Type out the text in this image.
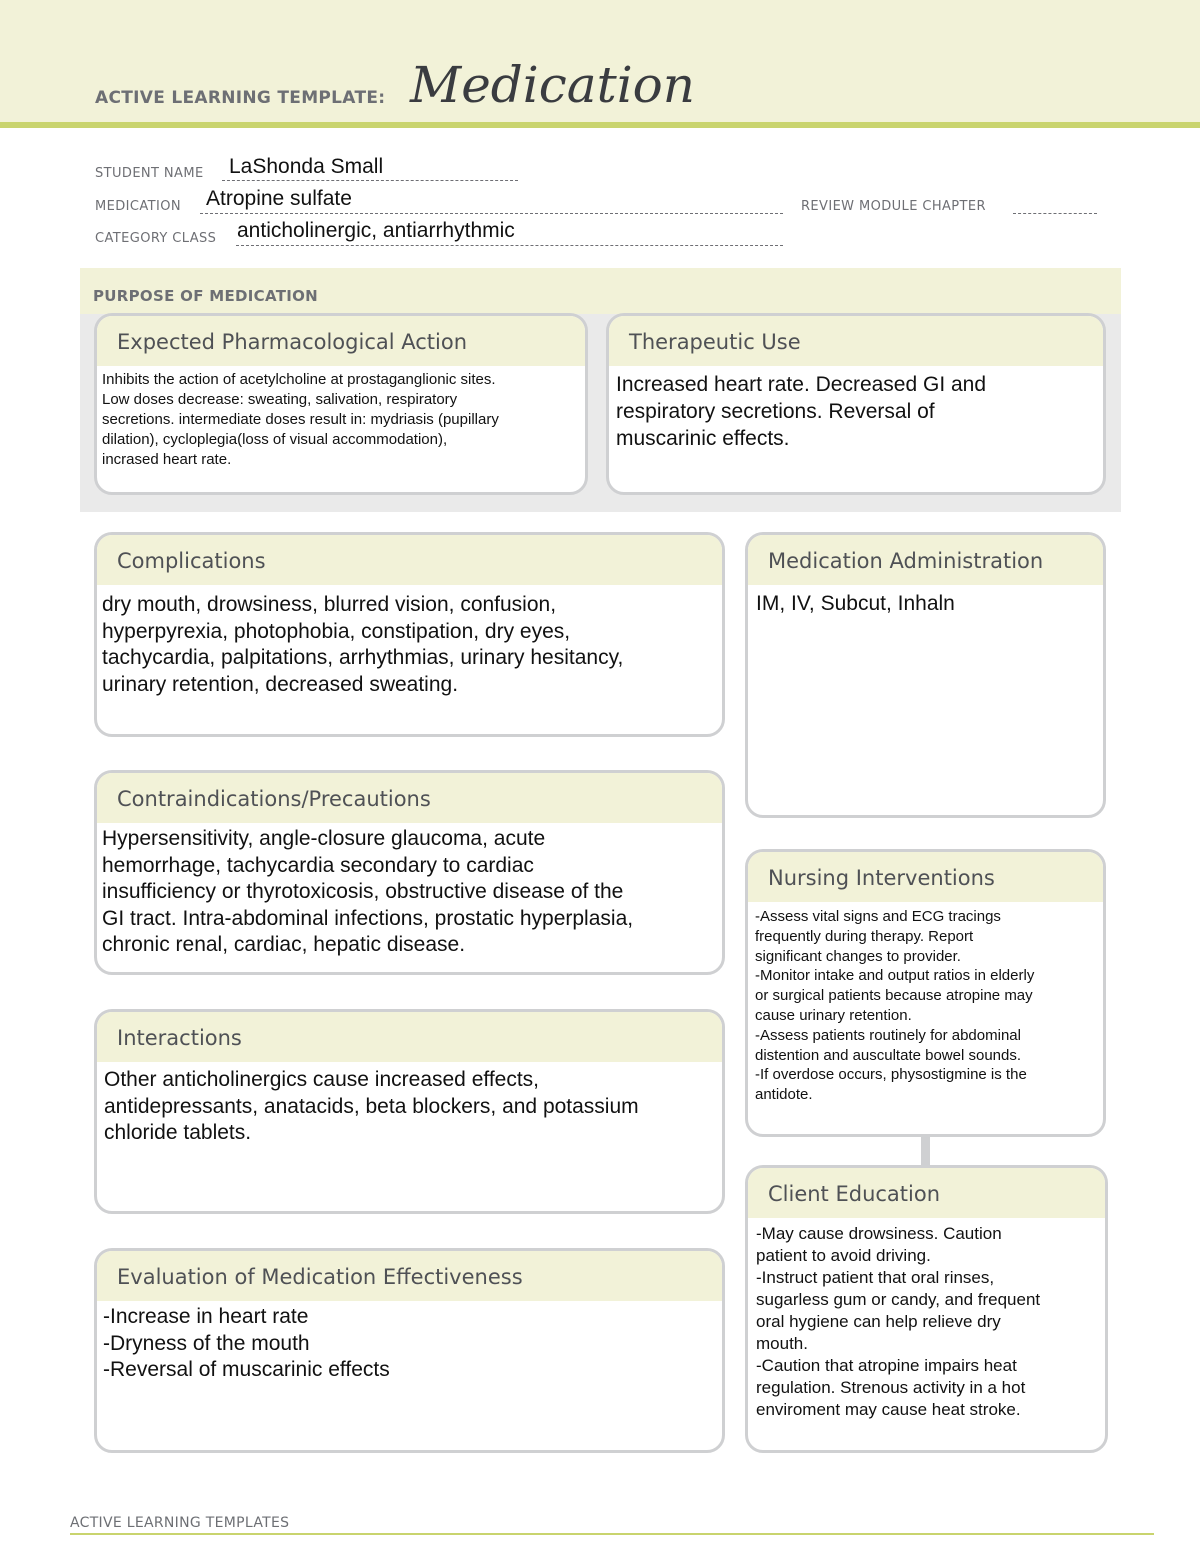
ACTIVE LEARNING TEMPLATE: Medication
STUDENT NAME LaShonda Small
MEDICATION Atropine sulfate	REVIEW MODULE CHAPTER
CATEGORY CLASS anticholinergic, antiarrhythmic
PURPOSE OF MEDICATION
Expected Pharmacological Action
Inhibits the action of acetylcholine at prostaganglionic sites.
Low doses decrease: sweating, salivation, respiratory
secretions. intermediate doses result in: mydriasis (pupillary
dilation), cycloplegia(loss of visual accommodation),
incrased heart rate.
Therapeutic Use
Increased heart rate. Decreased GI and
respiratory secretions. Reversal of
muscarinic effects.
Complications
dry mouth, drowsiness, blurred vision, confusion,
hyperpyrexia, photophobia, constipation, dry eyes,
tachycardia, palpitations, arrhythmias, urinary hesitancy,
urinary retention, decreased sweating.
Medication Administration
IM, IV, Subcut, Inhaln
Contraindications/Precautions
Hypersensitivity, angle-closure glaucoma, acute
hemorrhage, tachycardia secondary to cardiac
insufficiency or thyrotoxicosis, obstructive disease of the
GI tract. Intra-abdominal infections, prostatic hyperplasia,
chronic renal, cardiac, hepatic disease.
Nursing Interventions
-Assess vital signs and ECG tracings
frequently during therapy. Report
significant changes to provider.
-Monitor intake and output ratios in elderly
or surgical patients because atropine may
cause urinary retention.
-Assess patients routinely for abdominal
distention and auscultate bowel sounds.
-If overdose occurs, physostigmine is the
antidote.
Interactions
Other anticholinergics cause increased effects,
antidepressants, anatacids, beta blockers, and potassium
chloride tablets.
Client Education
-May cause drowsiness. Caution
patient to avoid driving.
-Instruct patient that oral rinses,
sugarless gum or candy, and frequent
oral hygiene can help relieve dry
mouth.
-Caution that atropine impairs heat
regulation. Strenous activity in a hot
enviroment may cause heat stroke.
Evaluation of Medication Effectiveness
-Increase in heart rate
-Dryness of the mouth
-Reversal of muscarinic effects
ACTIVE LEARNING TEMPLATES
